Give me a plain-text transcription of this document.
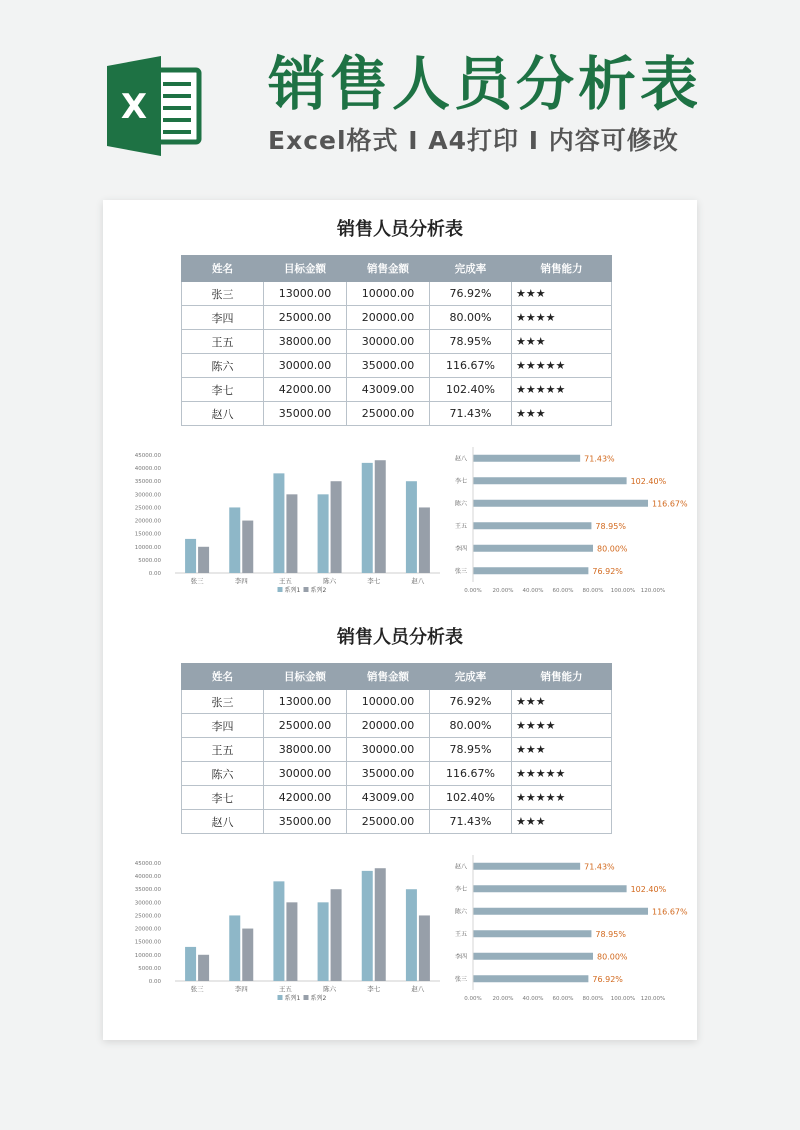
X 销售人员分析表

Excel格式 I A4打印 I 内容可修改

销售人员分析表
姓名	目标金额	销售金额	完成率	销售能力
张三	13000.00	10000.00	76.92%	★★★
李四	25000.00	20000.00	80.00%	★★★★
王五	38000.00	30000.00	78.95%	★★★
陈六	30000.00	35000.00	116.67%	★★★★★
李七	42000.00	43009.00	102.40%	★★★★★
赵八	35000.00	25000.00	71.43%	★★★
0.00
5000.00
10000.00
15000.00
20000.00
25000.00
30000.00
35000.00
40000.00
45000.00
张三	李四	王五	陈六	李七	赵八
系列1 系列2
赵八	71.43%
李七	102.40%
陈六	116.67%
王五	78.95%
李四	80.00%
张三	76.92%
0.00% 20.00% 40.00% 60.00% 80.00% 100.00% 120.00%
销售人员分析表
姓名	目标金额	销售金额	完成率	销售能力
张三	13000.00	10000.00	76.92%	★★★
李四	25000.00	20000.00	80.00%	★★★★
王五	38000.00	30000.00	78.95%	★★★
陈六	30000.00	35000.00	116.67%	★★★★★
李七	42000.00	43009.00	102.40%	★★★★★
赵八	35000.00	25000.00	71.43%	★★★
0.00
5000.00
10000.00
15000.00
20000.00
25000.00
30000.00
35000.00
40000.00
45000.00
张三	李四	王五	陈六	李七	赵八
系列1 系列2
赵八	71.43%
李七	102.40%
陈六	116.67%
王五	78.95%
李四	80.00%
张三	76.92%
0.00% 20.00% 40.00% 60.00% 80.00% 100.00% 120.00%
